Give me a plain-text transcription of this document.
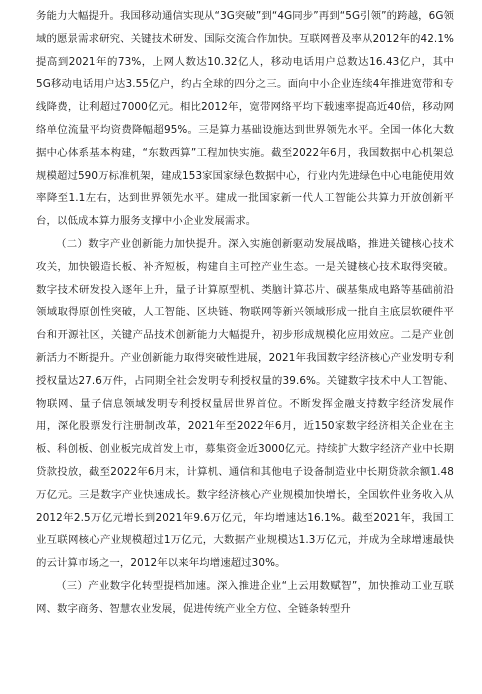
务能力大幅提升。我国移动通信实现从“3G突破”到“4G同步”再到“5G引领”的跨越，6G领域的愿景需求研究、关键技术研发、国际交流合作加快。互联网普及率从2012年的42.1%提高到2021年的73%，上网人数达10.32亿人，移动电话用户总数达16.43亿户，其中5G移动电话用户达3.55亿户，约占全球的四分之三。面向中小企业连续4年推进宽带和专线降费，让利超过7000亿元。相比2012年，宽带网络平均下载速率提高近40倍，移动网络单位流量平均资费降幅超95%。三是算力基础设施达到世界领先水平。全国一体化大数据中心体系基本构建，“东数西算”工程加快实施。截至2022年6月，我国数据中心机架总规模超过590万标准机架，建成153家国家绿色数据中心，行业内先进绿色中心电能使用效率降至1.1左右，达到世界领先水平。建成一批国家新一代人工智能公共算力开放创新平台，以低成本算力服务支撑中小企业发展需求。

（二）数字产业创新能力加快提升。深入实施创新驱动发展战略，推进关键核心技术攻关，加快锻造长板、补齐短板，构建自主可控产业生态。一是关键核心技术取得突破。数字技术研发投入逐年上升，量子计算原型机、类脑计算芯片、碳基集成电路等基础前沿领域取得原创性突破，人工智能、区块链、物联网等新兴领域形成一批自主底层软硬件平台和开源社区，关键产品技术创新能力大幅提升，初步形成规模化应用效应。二是产业创新活力不断提升。产业创新能力取得突破性进展，2021年我国数字经济核心产业发明专利授权量达27.6万件，占同期全社会发明专利授权量的39.6%。关键数字技术中人工智能、物联网、量子信息领域发明专利授权量居世界首位。不断发挥金融支持数字经济发展作用，深化股票发行注册制改革，2021年至2022年6月，近150家数字经济相关企业在主板、科创板、创业板完成首发上市，募集资金近3000亿元。持续扩大数字经济产业中长期贷款投放，截至2022年6月末，计算机、通信和其他电子设备制造业中长期贷款余额1.48万亿元。三是数字产业快速成长。数字经济核心产业规模加快增长，全国软件业务收入从2012年2.5万亿元增长到2021年9.6万亿元，年均增速达16.1%。截至2021年，我国工业互联网核心产业规模超过1万亿元，大数据产业规模达1.3万亿元，并成为全球增速最快的云计算市场之一，2012年以来年均增速超过30%。

（三）产业数字化转型提档加速。深入推进企业“上云用数赋智”，加快推动工业互联网、数字商务、智慧农业发展，促进传统产业全方位、全链条转型升
